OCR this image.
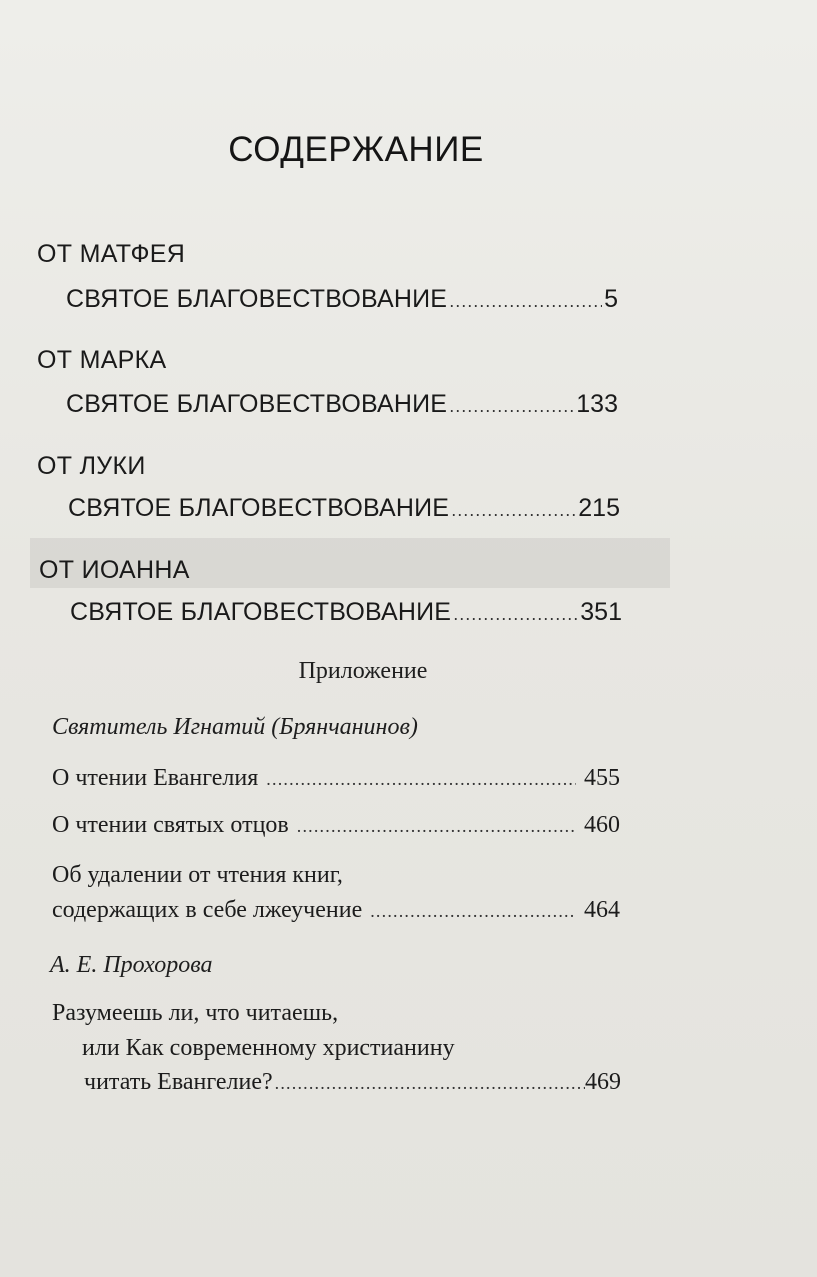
СОДЕРЖАНИЕ
ОТ МАТФЕЯ
СВЯТОЕ БЛАГОВЕСТВОВАНИЕ .....	5
ОТ МАРКА
СВЯТОЕ БЛАГОВЕСТВОВАНИЕ .....	133
ОТ ЛУКИ
СВЯТОЕ БЛАГОВЕСТВОВАНИЕ .....	215
ОТ ИОАННА
СВЯТОЕ БЛАГОВЕСТВОВАНИЕ .....	351
Приложение
Святитель Игнатий (Брянчанинов)
О чтении Евангелия .....	455
О чтении святых отцов .....	460
Об удалении от чтения книг,
содержащих в себе лжеучение .....	464
А. Е. Прохорова
Разумеешь ли, что читаешь,
или Как современному христианину
читать Евангелие? .....	469
